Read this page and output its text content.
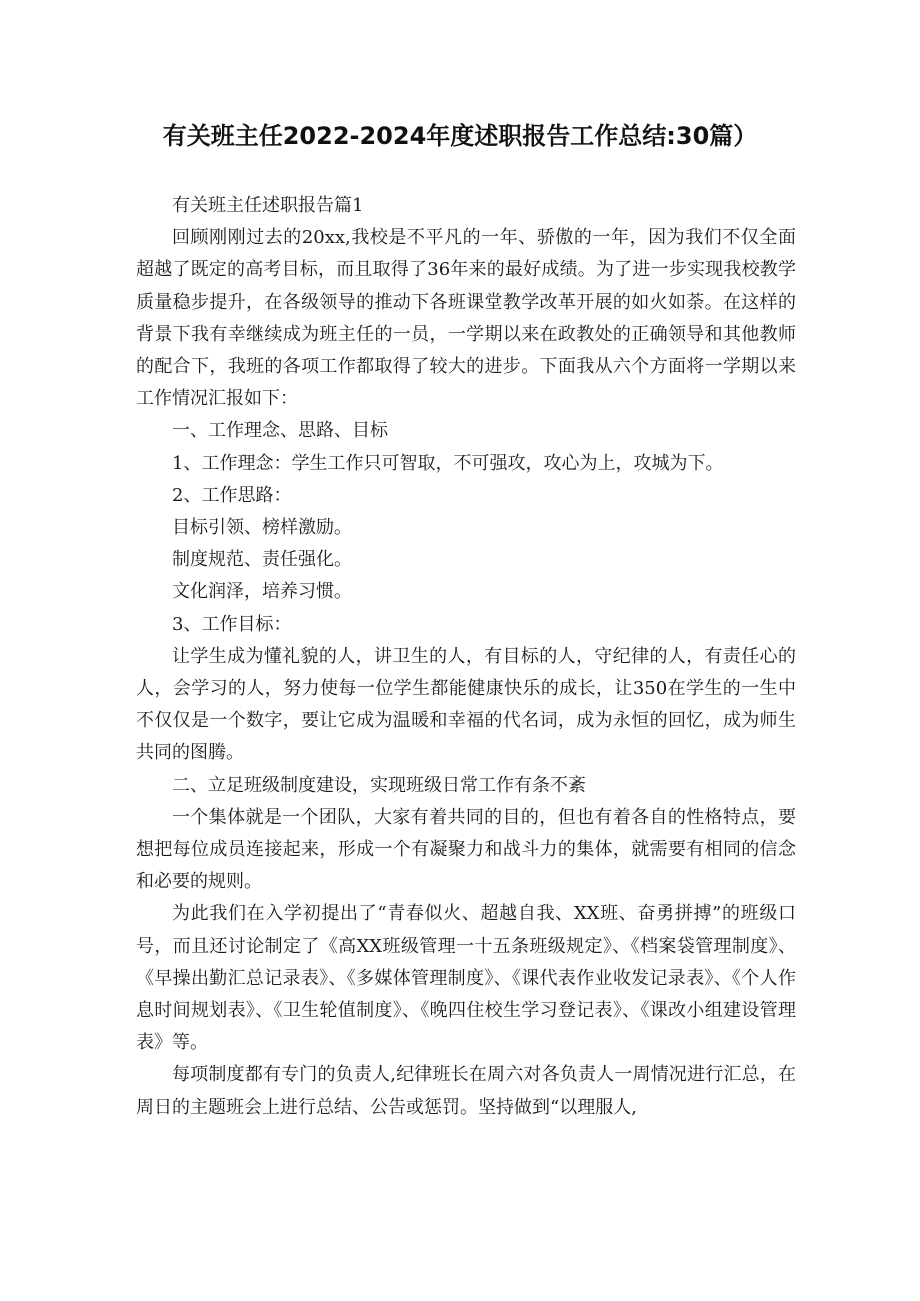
有关班主任2022-2024年度述职报告工作总结:30篇）

有关班主任述职报告篇1

回顾刚刚过去的20xx,我校是不平凡的一年、骄傲的一年，因为我们不仅全面超越了既定的高考目标，而且取得了36年来的最好成绩。为了进一步实现我校教学质量稳步提升，在各级领导的推动下各班课堂教学改革开展的如火如荼。在这样的背景下我有幸继续成为班主任的一员，一学期以来在政教处的正确领导和其他教师的配合下，我班的各项工作都取得了较大的进步。下面我从六个方面将一学期以来工作情况汇报如下：

一、工作理念、思路、目标

1、工作理念：学生工作只可智取，不可强攻，攻心为上，攻城为下。

2、工作思路：

目标引领、榜样激励。

制度规范、责任强化。

文化润泽，培养习惯。

3、工作目标：

让学生成为懂礼貌的人，讲卫生的人，有目标的人，守纪律的人，有责任心的人，会学习的人，努力使每一位学生都能健康快乐的成长，让350在学生的一生中不仅仅是一个数字，要让它成为温暖和幸福的代名词，成为永恒的回忆，成为师生共同的图腾。

二、立足班级制度建设，实现班级日常工作有条不紊

一个集体就是一个团队，大家有着共同的目的，但也有着各自的性格特点，要想把每位成员连接起来，形成一个有凝聚力和战斗力的集体，就需要有相同的信念和必要的规则。

为此我们在入学初提出了“青春似火、超越自我、XX班、奋勇拼搏”的班级口号，而且还讨论制定了《高XX班级管理一十五条班级规定》、《档案袋管理制度》、《早操出勤汇总记录表》、《多媒体管理制度》、《课代表作业收发记录表》、《个人作息时间规划表》、《卫生轮值制度》、《晚四住校生学习登记表》、《课改小组建设管理表》等。

每项制度都有专门的负责人,纪律班长在周六对各负责人一周情况进行汇总，在周日的主题班会上进行总结、公告或惩罚。坚持做到“以理服人,
